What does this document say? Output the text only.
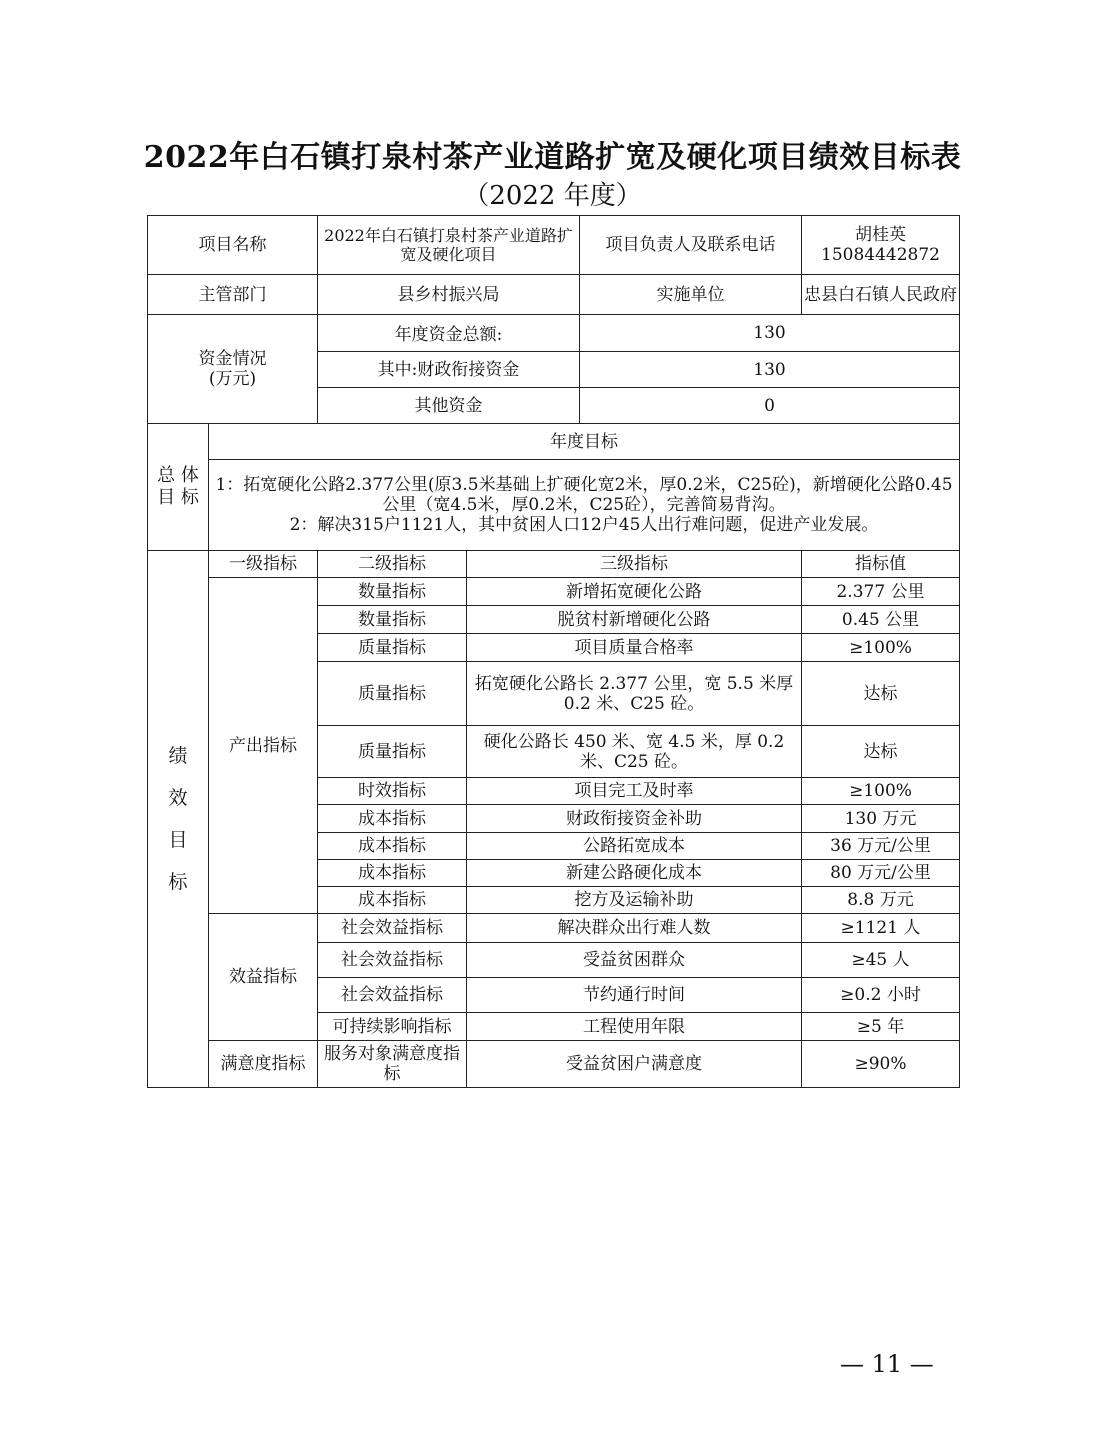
2022年白石镇打泉村茶产业道路扩宽及硬化项目绩效目标表
（2022 年度）
项目名称		2022年白石镇打泉村茶产业道路扩宽及硬化项目		项目负责人及联系电话	胡桂英 15084442872
主管部门		县乡村振兴局		实施单位	忠县白石镇人民政府

资金情况
(万元)		年度资金总额:		130	
		其中:财政衔接资金		130	
		其他资金		0	
总 体
目 标	年度目标				

	1：拓宽硬化公路2.377公里(原3.5米基础上扩硬化宽2米，厚0.2米，C25砼)，新增硬化公路0.45公里（宽4.5米，厚0.2米，C25砼），完善简易背沟。
2：解决315户1121人，其中贫困人口12户45人出行难问题，促进产业发展。				

绩
效
目
标	一级指标	二级指标	三级指标		指标值
	产出指标	数量指标	新增拓宽硬化公路		2.377 公里
		数量指标	脱贫村新增硬化公路		0.45 公里
		质量指标	项目质量合格率		≥100%
		质量指标	拓宽硬化公路长 2.377 公里，宽 5.5 米厚 0.2 米、C25 砼。		达标
		质量指标	硬化公路长 450 米、宽 4.5 米，厚 0.2 米、C25 砼。		达标
		时效指标	项目完工及时率		≥100%
		成本指标	财政衔接资金补助		130 万元
		成本指标	公路拓宽成本		36 万元/公里
		成本指标	新建公路硬化成本		80 万元/公里
		成本指标	挖方及运输补助		8.8 万元
	效益指标	社会效益指标	解决群众出行难人数		≥1121 人
		社会效益指标	受益贫困群众		≥45 人
		社会效益指标	节约通行时间		≥0.2 小时
		可持续影响指标	工程使用年限		≥5 年
	满意度指标	服务对象满意度指标	受益贫困户满意度		≥90%
— 11 —
